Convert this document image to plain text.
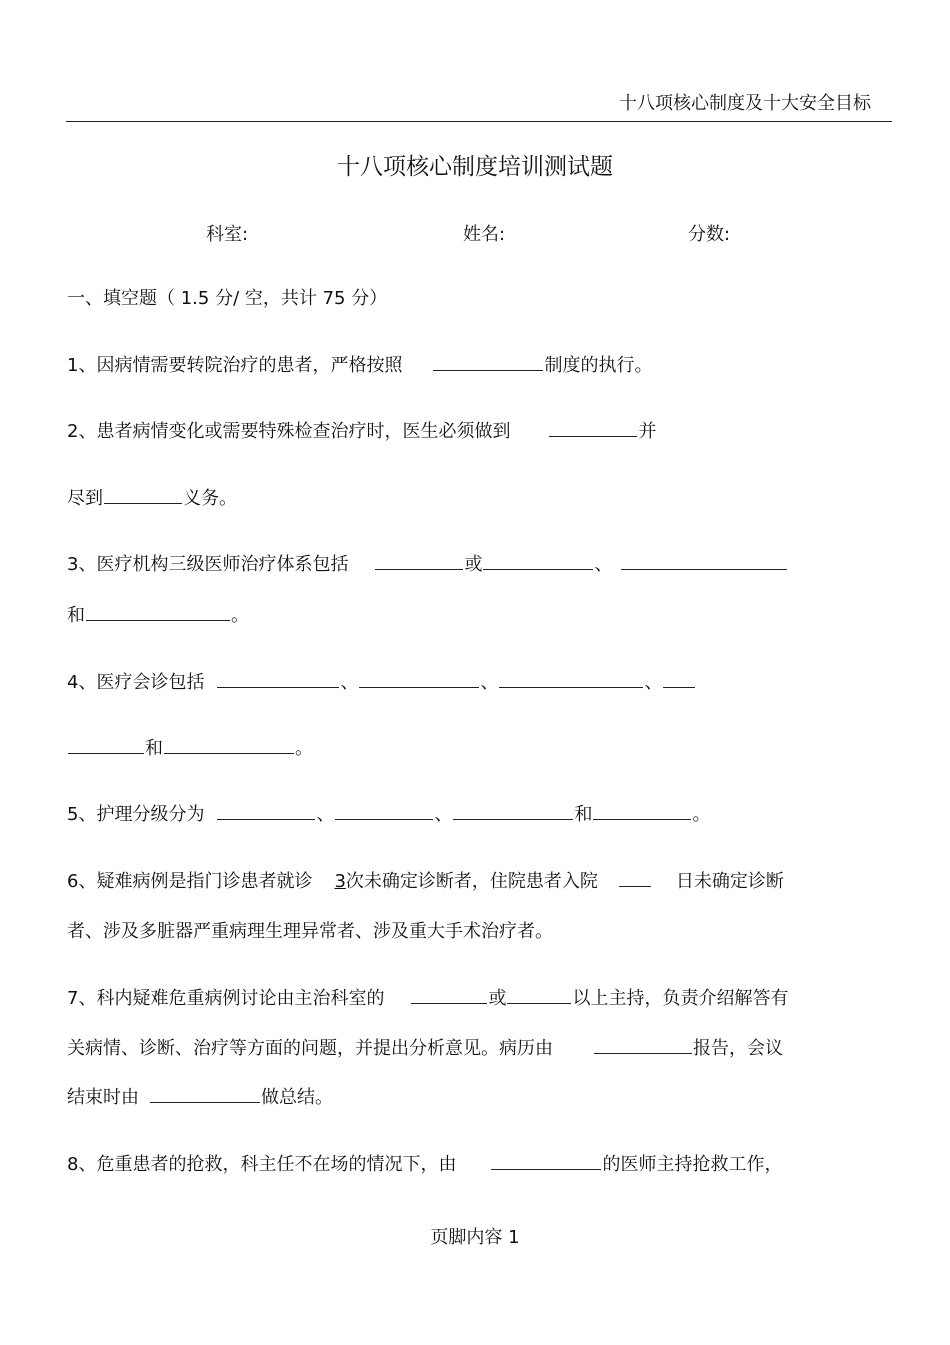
十八项核心制度及十大安全目标
十八项核心制度培训测试题
科室:	姓名:	分数:
一、填空题（ 1.5 分/ 空，共计 75 分）
1、因病情需要转院治疗的患者，严格按照	制度的执行。
2、患者病情变化或需要特殊检查治疗时，医生必须做到	并
尽到	义务。
3、医疗机构三级医师治疗体系包括	或	、
和	。
4、医疗会诊包括	、	、	、
和	。
5、护理分级分为	、	、	和	。
6、疑难病例是指门诊患者就诊 3次未确定诊断者，住院患者入院	日未确定诊断
者、涉及多脏器严重病理生理异常者、涉及重大手术治疗者。
7、科内疑难危重病例讨论由主治科室的	或	以上主持，负责介绍解答有
关病情、诊断、治疗等方面的问题，并提出分析意见。病历由	报告，会议
结束时由	做总结。
8、危重患者的抢救，科主任不在场的情况下，由	的医师主持抢救工作，
页脚内容 1
